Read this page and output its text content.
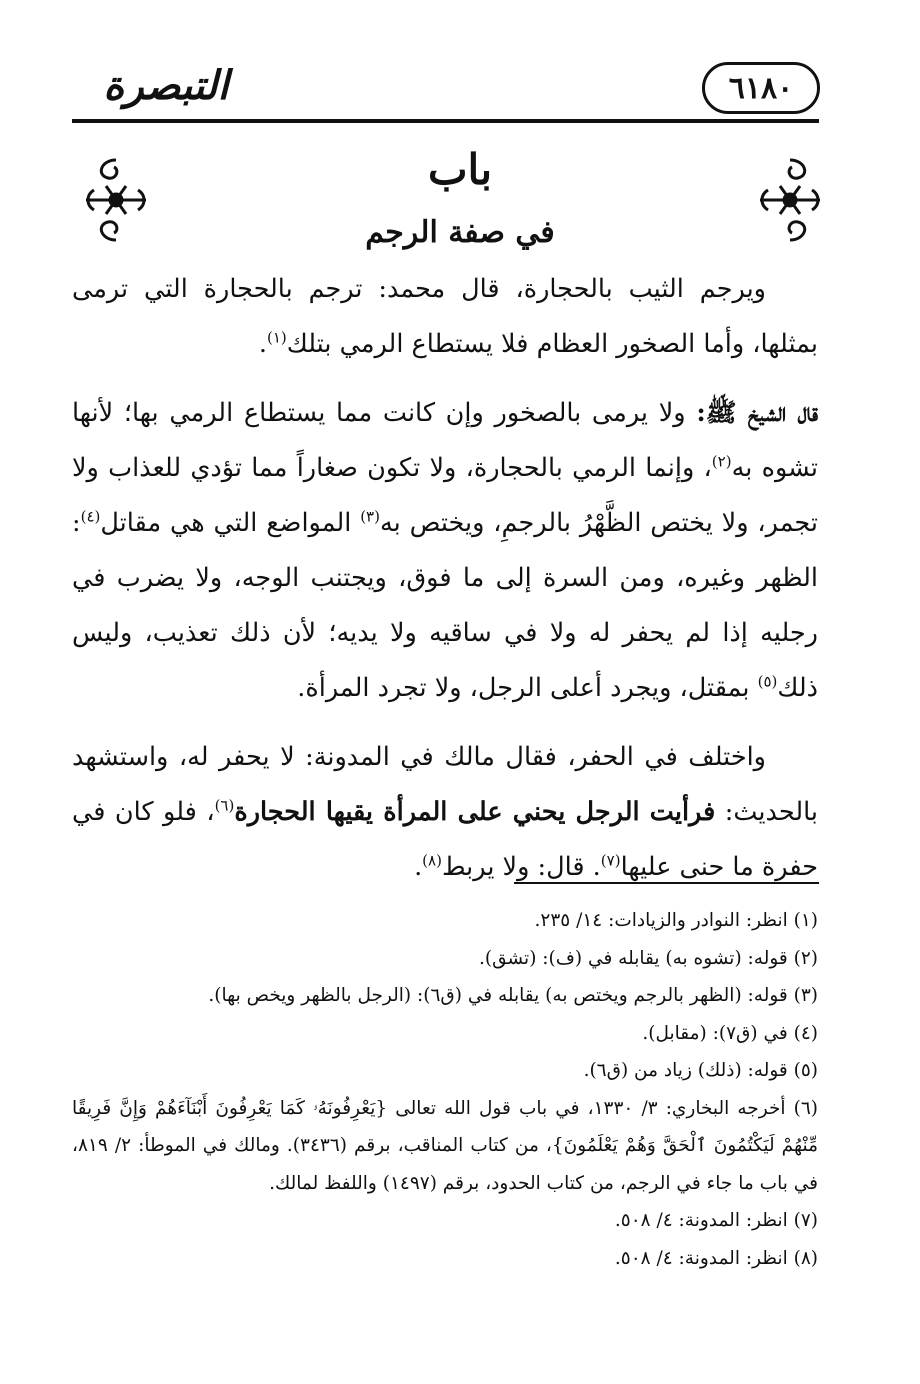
التبصرة	٦١٨٠
باب
في صفة الرجم

ويرجم الثيب بالحجارة، قال محمد: ترجم بالحجارة التي ترمى بمثلها، وأما الصخور العظام فلا يستطاع الرمي بتلك$^{(١)}$.

قال الشيخ ﷺ: ولا يرمى بالصخور وإن كانت مما يستطاع الرمي بها؛ لأنها تشوه به$^{(٢)}$، وإنما الرمي بالحجارة، ولا تكون صغاراً مما تؤدي للعذاب ولا تجمر، ولا يختص الظَّهْرُ بالرجمِ، ويختص به$^{(٣)}$ المواضع التي هي مقاتل$^{(٤)}$: الظهر وغيره، ومن السرة إلى ما فوق، ويجتنب الوجه، ولا يضرب في رجليه إذا لم يحفر له ولا في ساقيه ولا يديه؛ لأن ذلك تعذيب، وليس ذلك$^{(٥)}$ بمقتل، ويجرد أعلى الرجل، ولا تجرد المرأة.

واختلف في الحفر، فقال مالك في المدونة: لا يحفر له، واستشهد بالحديث: فرأيت الرجل يحني على المرأة يقيها الحجارة$^{(٦)}$، فلو كان في حفرة ما حنى عليها$^{(٧)}$. قال: ولا يربط$^{(٨)}$.

(١) انظر: النوادر والزيادات: ١٤/ ٢٣٥.

(٢) قوله: (تشوه به) يقابله في (ف): (تشق).

(٣) قوله: (الظهر بالرجم ويختص به) يقابله في (ق٦): (الرجل بالظهر ويخص بها).

(٤) في (ق٧): (مقابل).

(٥) قوله: (ذلك) زياد من (ق٦).

(٦) أخرجه البخاري: ٣/ ١٣٣٠، في باب قول الله تعالى {يَعْرِفُونَهُۥ كَمَا يَعْرِفُونَ أَبْنَآءَهُمْ وَإِنَّ فَرِيقًا مِّنْهُمْ لَيَكْتُمُونَ ٱلْحَقَّ وَهُمْ يَعْلَمُونَ}، من كتاب المناقب، برقم (٣٤٣٦). ومالك في الموطأ: ٢/ ٨١٩، في باب ما جاء في الرجم، من كتاب الحدود، برقم (١٤٩٧) واللفظ لمالك.

(٧) انظر: المدونة: ٤/ ٥٠٨.

(٨) انظر: المدونة: ٤/ ٥٠٨.
